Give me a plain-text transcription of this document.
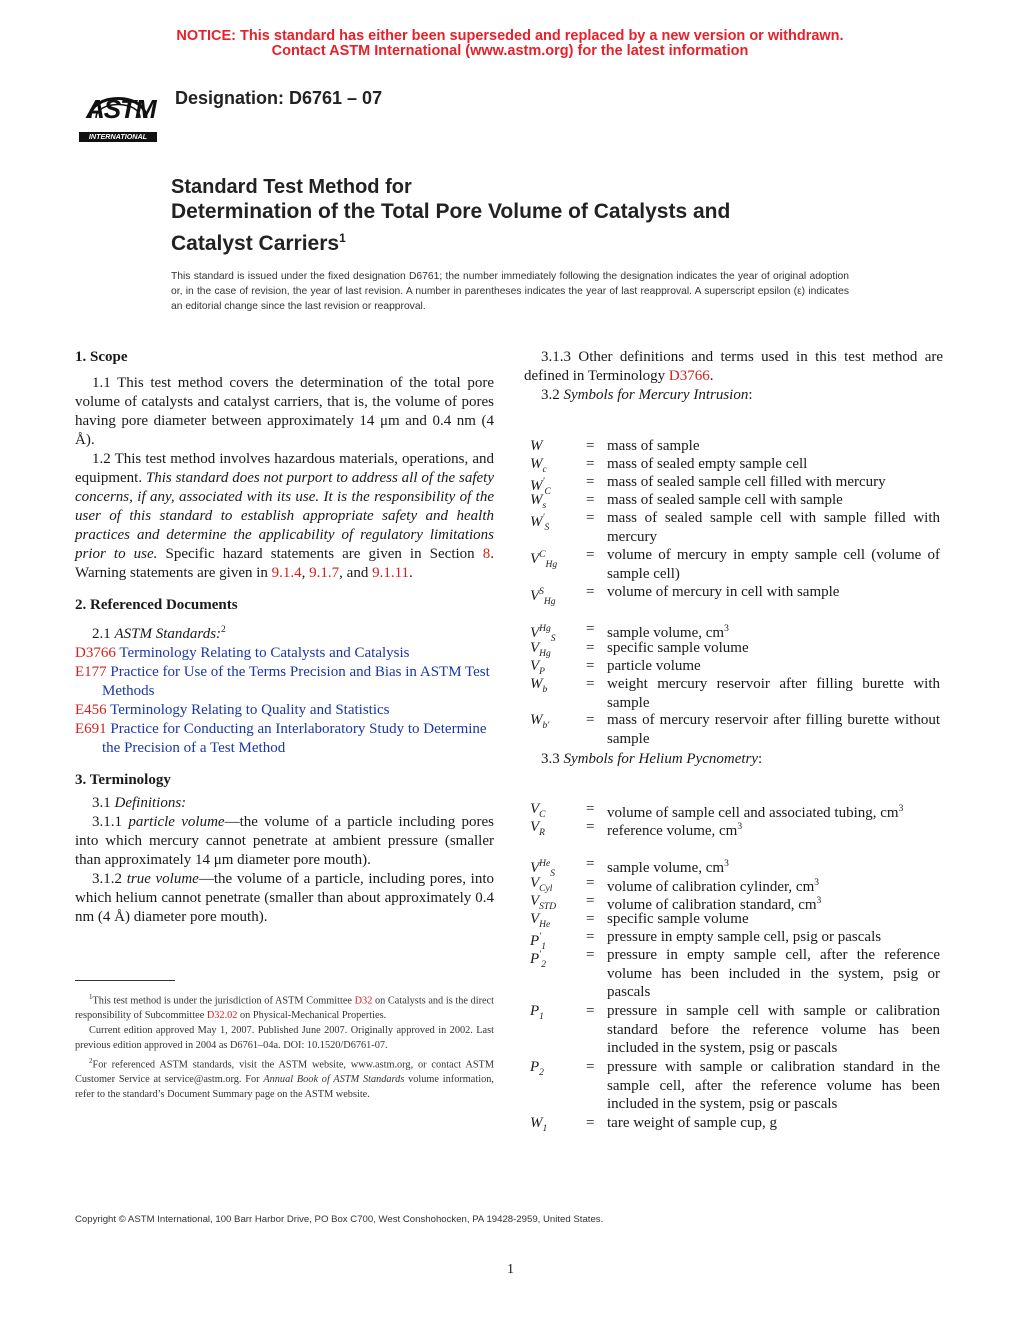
NOTICE: This standard has either been superseded and replaced by a new version or withdrawn.
Contact ASTM International (www.astm.org) for the latest information
ASTM
INTERNATIONAL
Designation: D6761 – 07
Standard Test Method for
Determination of the Total Pore Volume of Catalysts and
Catalyst Carriers$^1$
This standard is issued under the fixed designation D6761; the number immediately following the designation indicates the year of original adoption or, in the case of revision, the year of last revision. A number in parentheses indicates the year of last reapproval. A superscript epsilon (ε) indicates an editorial change since the last revision or reapproval.
1. Scope

1.1 This test method covers the determination of the total pore volume of catalysts and catalyst carriers, that is, the volume of pores having pore diameter between approximately 14 μm and 0.4 nm (4 Å).

1.2 This test method involves hazardous materials, operations, and equipment. This standard does not purport to address all of the safety concerns, if any, associated with its use. It is the responsibility of the user of this standard to establish appropriate safety and health practices and determine the applicability of regulatory limitations prior to use. Specific hazard statements are given in Section 8. Warning statements are given in 9.1.4, 9.1.7, and 9.1.11.

2. Referenced Documents

2.1 ASTM Standards:$^2$

D3766 Terminology Relating to Catalysts and Catalysis

E177 Practice for Use of the Terms Precision and Bias in ASTM Test Methods

E456 Terminology Relating to Quality and Statistics

E691 Practice for Conducting an Interlaboratory Study to Determine the Precision of a Test Method

3. Terminology

3.1 Definitions:

3.1.1 particle volume—the volume of a particle including pores into which mercury cannot penetrate at ambient pressure (smaller than approximately 14 μm diameter pore mouth).

3.1.2 true volume—the volume of a particle, including pores, into which helium cannot penetrate (smaller than about approximately 0.4 nm (4 Å) diameter pore mouth).

$^1$This test method is under the jurisdiction of ASTM Committee D32 on Catalysts and is the direct responsibility of Subcommittee D32.02 on Physical-Mechanical Properties.

Current edition approved May 1, 2007. Published June 2007. Originally approved in 2002. Last previous edition approved in 2004 as D6761–04a. DOI: 10.1520/D6761-07.

$^2$For referenced ASTM standards, visit the ASTM website, www.astm.org, or contact ASTM Customer Service at service@astm.org. For Annual Book of ASTM Standards volume information, refer to the standard’s Document Summary page on the ASTM website.

3.1.3 Other definitions and terms used in this test method are defined in Terminology D3766.

3.2 Symbols for Mercury Intrusion:

3.3 Symbols for Helium Pycnometry:

W	= mass of sample
$W_c$	= mass of sealed empty sample cell
$W'_C$
= mass of sealed sample cell filled with mercury
$W_s$	= mass of sealed sample cell with sample
$W'_S$
= mass of sealed sample cell with sample filled with mercury
$V^C_{Hg}$
= volume of mercury in empty sample cell (volume of sample cell)
$V^S_{Hg}$
= volume of mercury in cell with sample
$V^{Hg}_S$
= sample volume, $cm^3$
$V_{Hg}$ = specific sample volume
$V_P$	= particle volume
$W_b$	= weight mercury reservoir after filling burette with sample
$W_{b'}$ = mass of mercury reservoir after filling burette without sample
$V_C$	= volume of sample cell and associated tubing, $cm^3$
$V_R$	= reference volume, $cm^3$
$V^{He}_S$
= sample volume, $cm^3$
$V_{Cyl}$ = volume of calibration cylinder, $cm^3$
$V_{STD}$ = volume of calibration standard, $cm^3$
$V_{He}$ = specific sample volume
$P'_1$
= pressure in empty sample cell, psig or pascals
$P'_2$
= pressure in empty sample cell, after the reference volume has been included in the system, psig or pascals
$P_1$	= pressure in sample cell with sample or calibration standard before the reference volume has been included in the system, psig or pascals
$P_2$	= pressure with sample or calibration standard in the sample cell, after the reference volume has been included in the system, psig or pascals
$W_1$	= tare weight of sample cup, g
Copyright © ASTM International, 100 Barr Harbor Drive, PO Box C700, West Conshohocken, PA 19428-2959, United States.
1
